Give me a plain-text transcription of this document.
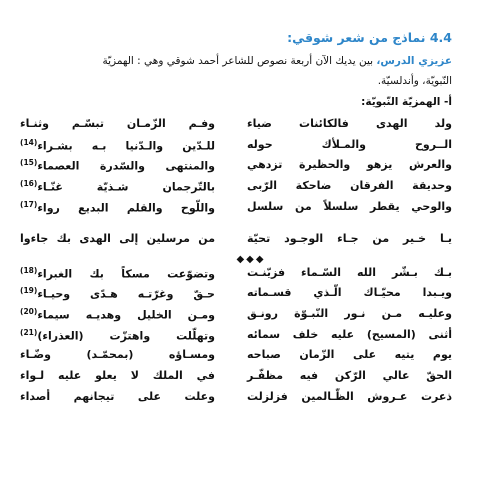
4.4 نماذج من شعر شوقي:
عزيزي الدرس، بين يديك الآن أربعة نصوص للشاعر أحمد شوقي وهي : الهمزيّة
النّبويّة، وأندلسيّة.
أ- الهمزيّة النّبويّة:
ولد الهدى فالكائنات ضياء
الــروح والمـلأك حوله
والعرش يزهو والحظيرة تزدهي
وحديقة الفرقان ضاحكة الرّبى
والوحي يقطر سلسلاً من سلسل
يـا خـير من جـاء الوجـود تحيّة
بـك بـشّر الله السّـماء فزيّنـت
ويـبدا محيّـاك الّـذي قسـماته
وعليـه مـن نـور النّبـوّة رونـق
أثنى (المسيح) عليه خلف سمائه
يوم يتيه على الزّمان صباحه
الحقّ عالي الرّكن فيه مظفّـر
ذعرت عـروش الظّـالمين فزلزلت
وفـم الزّمـان تبسّـم وثنـاء
للـدّين والـدّنيا بـه بشـراء$^{(14)}$
والمنتهى والسّدرة العصماء$^{(15)}$
بالتّرجمان شـذيّة غنّـاء$^{(16)}$
واللّوح والقلم البديع رواء$^{(17)}$
من مرسلين إلى الهدى بك جاءوا
وتضوّعت مسكاً بك الغبراء$^{(18)}$
حـقّ وغرّتـه هـدًى وحيـاء$^{(19)}$
ومـن الخليل وهديـه سيماء$^{(20)}$
وتهلّلت واهتزّت (العذراء)$^{(21)}$
ومسـاؤه (بمحمّـد) وضّـاء
في الملك لا يعلو عليه لـواء
وعلت على تيجانهم أصداء
◆◆◆
